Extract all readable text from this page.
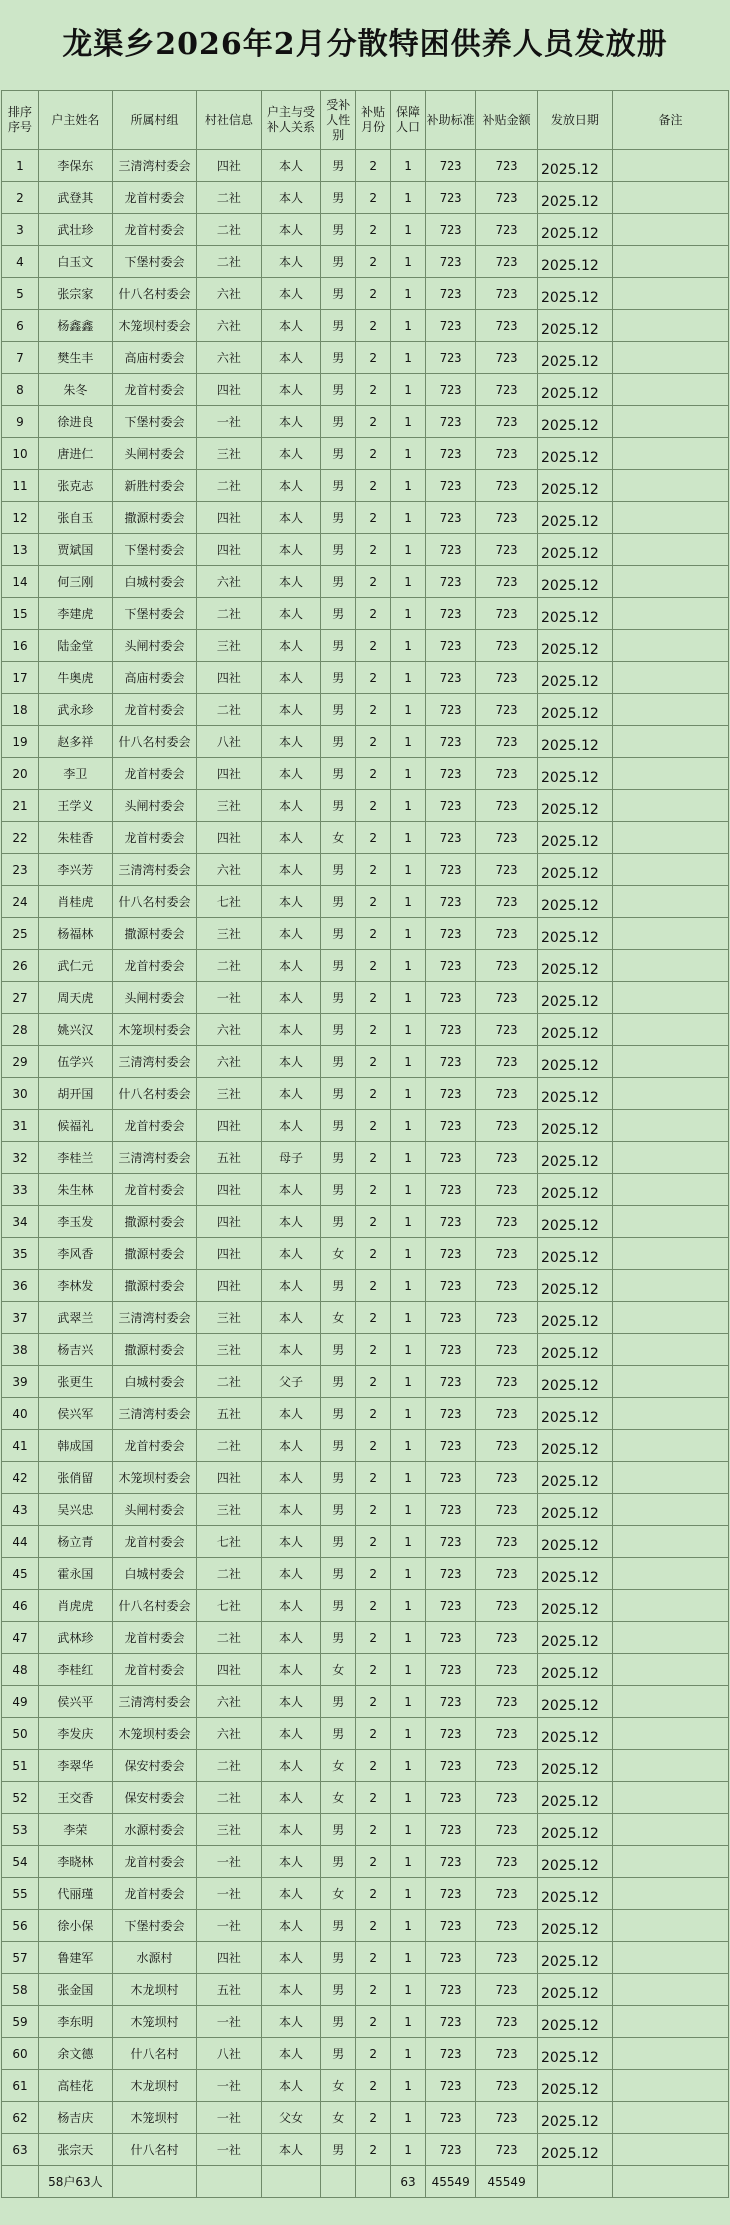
龙渠乡2026年2月分散特困供养人员发放册
排序序号	户主姓名	所属村组	村社信息	户主与受补人关系	受补人性别	补贴月份	保障人口	补助标准	补贴金额	发放日期	备注
1	李保东	三清湾村委会	四社	本人	男	2	1	723	723	2025.12	
2	武登其	龙首村委会	二社	本人	男	2	1	723	723	2025.12	
3	武壮珍	龙首村委会	二社	本人	男	2	1	723	723	2025.12	
4	白玉文	下堡村委会	二社	本人	男	2	1	723	723	2025.12	
5	张宗家	什八名村委会	六社	本人	男	2	1	723	723	2025.12	
6	杨鑫鑫	木笼坝村委会	六社	本人	男	2	1	723	723	2025.12	
7	樊生丰	高庙村委会	六社	本人	男	2	1	723	723	2025.12	
8	朱冬	龙首村委会	四社	本人	男	2	1	723	723	2025.12	
9	徐进良	下堡村委会	一社	本人	男	2	1	723	723	2025.12	
10	唐进仁	头闸村委会	三社	本人	男	2	1	723	723	2025.12	
11	张克志	新胜村委会	二社	本人	男	2	1	723	723	2025.12	
12	张自玉	撒源村委会	四社	本人	男	2	1	723	723	2025.12	
13	贾斌国	下堡村委会	四社	本人	男	2	1	723	723	2025.12	
14	何三刚	白城村委会	六社	本人	男	2	1	723	723	2025.12	
15	李建虎	下堡村委会	二社	本人	男	2	1	723	723	2025.12	
16	陆金堂	头闸村委会	三社	本人	男	2	1	723	723	2025.12	
17	牛奥虎	高庙村委会	四社	本人	男	2	1	723	723	2025.12	
18	武永珍	龙首村委会	二社	本人	男	2	1	723	723	2025.12	
19	赵多祥	什八名村委会	八社	本人	男	2	1	723	723	2025.12	
20	李卫	龙首村委会	四社	本人	男	2	1	723	723	2025.12	
21	王学义	头闸村委会	三社	本人	男	2	1	723	723	2025.12	
22	朱桂香	龙首村委会	四社	本人	女	2	1	723	723	2025.12	
23	李兴芳	三清湾村委会	六社	本人	男	2	1	723	723	2025.12	
24	肖桂虎	什八名村委会	七社	本人	男	2	1	723	723	2025.12	
25	杨福林	撒源村委会	三社	本人	男	2	1	723	723	2025.12	
26	武仁元	龙首村委会	二社	本人	男	2	1	723	723	2025.12	
27	周天虎	头闸村委会	一社	本人	男	2	1	723	723	2025.12	
28	姚兴汉	木笼坝村委会	六社	本人	男	2	1	723	723	2025.12	
29	伍学兴	三清湾村委会	六社	本人	男	2	1	723	723	2025.12	
30	胡开国	什八名村委会	三社	本人	男	2	1	723	723	2025.12	
31	候福礼	龙首村委会	四社	本人	男	2	1	723	723	2025.12	
32	李桂兰	三清湾村委会	五社	母子	男	2	1	723	723	2025.12	
33	朱生林	龙首村委会	四社	本人	男	2	1	723	723	2025.12	
34	李玉发	撒源村委会	四社	本人	男	2	1	723	723	2025.12	
35	李风香	撒源村委会	四社	本人	女	2	1	723	723	2025.12	
36	李林发	撒源村委会	四社	本人	男	2	1	723	723	2025.12	
37	武翠兰	三清湾村委会	三社	本人	女	2	1	723	723	2025.12	
38	杨吉兴	撒源村委会	三社	本人	男	2	1	723	723	2025.12	
39	张更生	白城村委会	二社	父子	男	2	1	723	723	2025.12	
40	侯兴军	三清湾村委会	五社	本人	男	2	1	723	723	2025.12	
41	韩成国	龙首村委会	二社	本人	男	2	1	723	723	2025.12	
42	张俏留	木笼坝村委会	四社	本人	男	2	1	723	723	2025.12	
43	吴兴忠	头闸村委会	三社	本人	男	2	1	723	723	2025.12	
44	杨立青	龙首村委会	七社	本人	男	2	1	723	723	2025.12	
45	霍永国	白城村委会	二社	本人	男	2	1	723	723	2025.12	
46	肖虎虎	什八名村委会	七社	本人	男	2	1	723	723	2025.12	
47	武林珍	龙首村委会	二社	本人	男	2	1	723	723	2025.12	
48	李桂红	龙首村委会	四社	本人	女	2	1	723	723	2025.12	
49	侯兴平	三清湾村委会	六社	本人	男	2	1	723	723	2025.12	
50	李发庆	木笼坝村委会	六社	本人	男	2	1	723	723	2025.12	
51	李翠华	保安村委会	二社	本人	女	2	1	723	723	2025.12	
52	王交香	保安村委会	二社	本人	女	2	1	723	723	2025.12	
53	李荣	水源村委会	三社	本人	男	2	1	723	723	2025.12	
54	李晓林	龙首村委会	一社	本人	男	2	1	723	723	2025.12	
55	代丽瑾	龙首村委会	一社	本人	女	2	1	723	723	2025.12	
56	徐小保	下堡村委会	一社	本人	男	2	1	723	723	2025.12	
57	鲁建军	水源村	四社	本人	男	2	1	723	723	2025.12	
58	张金国	木龙坝村	五社	本人	男	2	1	723	723	2025.12	
59	李东明	木笼坝村	一社	本人	男	2	1	723	723	2025.12	
60	余文德	什八名村	八社	本人	男	2	1	723	723	2025.12	
61	高桂花	木龙坝村	一社	本人	女	2	1	723	723	2025.12	
62	杨吉庆	木笼坝村	一社	父女	女	2	1	723	723	2025.12	
63	张宗天	什八名村	一社	本人	男	2	1	723	723	2025.12	
	58户63人						63	45549	45549		
